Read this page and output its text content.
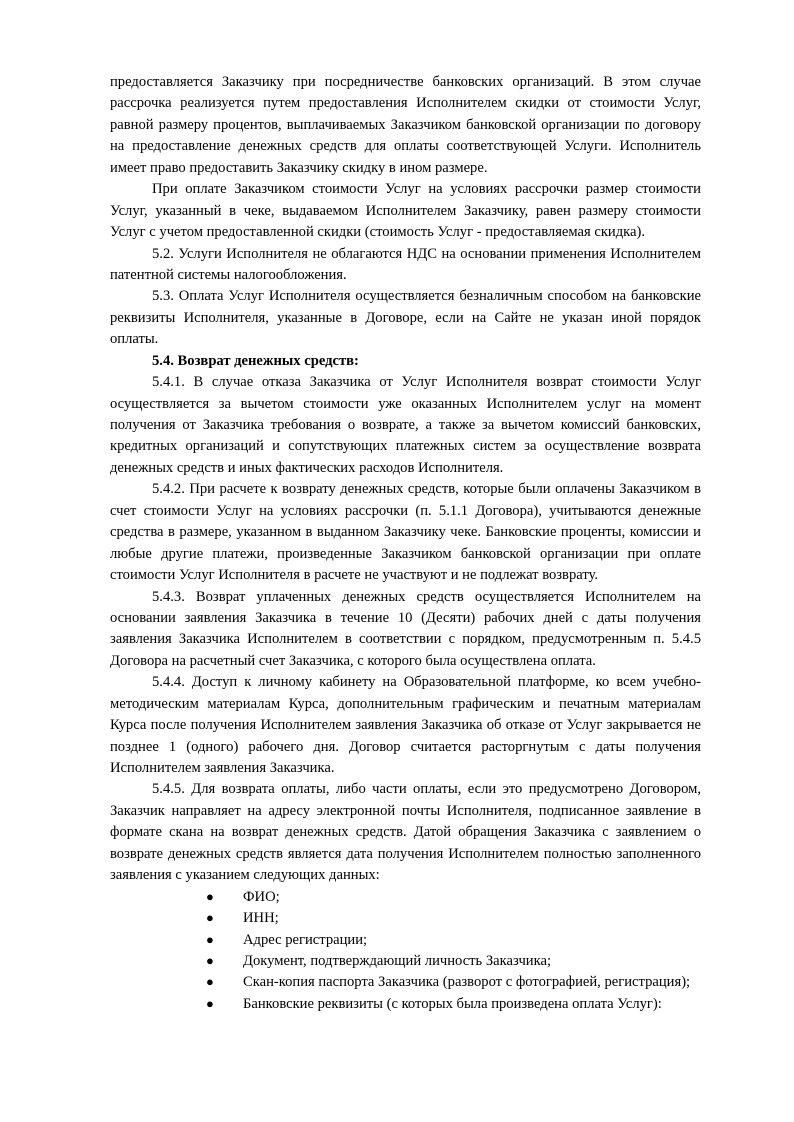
предоставляется Заказчику при посредничестве банковских организаций. В этом случае рассрочка реализуется путем предоставления Исполнителем скидки от стоимости Услуг, равной размеру процентов, выплачиваемых Заказчиком банковской организации по договору на предоставление денежных средств для оплаты соответствующей Услуги. Исполнитель имеет право предоставить Заказчику скидку в ином размере.

При оплате Заказчиком стоимости Услуг на условиях рассрочки размер стоимости Услуг, указанный в чеке, выдаваемом Исполнителем Заказчику, равен размеру стоимости Услуг с учетом предоставленной скидки (стоимость Услуг - предоставляемая скидка).

5.2. Услуги Исполнителя не облагаются НДС на основании применения Исполнителем патентной системы налогообложения.

5.3. Оплата Услуг Исполнителя осуществляется безналичным способом на банковские реквизиты Исполнителя, указанные в Договоре, если на Сайте не указан иной порядок оплаты.

5.4. Возврат денежных средств:

5.4.1. В случае отказа Заказчика от Услуг Исполнителя возврат стоимости Услуг осуществляется за вычетом стоимости уже оказанных Исполнителем услуг на момент получения от Заказчика требования о возврате, а также за вычетом комиссий банковских, кредитных организаций и сопутствующих платежных систем за осуществление возврата денежных средств и иных фактических расходов Исполнителя.

5.4.2. При расчете к возврату денежных средств, которые были оплачены Заказчиком в счет стоимости Услуг на условиях рассрочки (п. 5.1.1 Договора), учитываются денежные средства в размере, указанном в выданном Заказчику чеке. Банковские проценты, комиссии и любые другие платежи, произведенные Заказчиком банковской организации при оплате стоимости Услуг Исполнителя в расчете не участвуют и не подлежат возврату.

5.4.3. Возврат уплаченных денежных средств осуществляется Исполнителем на основании заявления Заказчика в течение 10 (Десяти) рабочих дней с даты получения заявления Заказчика Исполнителем в соответствии с порядком, предусмотренным п. 5.4.5 Договора на расчетный счет Заказчика, с которого была осуществлена оплата.

5.4.4. Доступ к личному кабинету на Образовательной платформе, ко всем учебно-методическим материалам Курса, дополнительным графическим и печатным материалам Курса после получения Исполнителем заявления Заказчика об отказе от Услуг закрывается не позднее 1 (одного) рабочего дня. Договор считается расторгнутым с даты получения Исполнителем заявления Заказчика.

5.4.5. Для возврата оплаты, либо части оплаты, если это предусмотрено Договором, Заказчик направляет на адресу электронной почты Исполнителя, подписанное заявление в формате скана на возврат денежных средств. Датой обращения Заказчика с заявлением о возврате денежных средств является дата получения Исполнителем полностью заполненного заявления с указанием следующих данных:

● ФИО;
● ИНН;
● Адрес регистрации;
● Документ, подтверждающий личность Заказчика;
● Скан-копия паспорта Заказчика (разворот с фотографией, регистрация);
● Банковские реквизиты (с которых была произведена оплата Услуг):
